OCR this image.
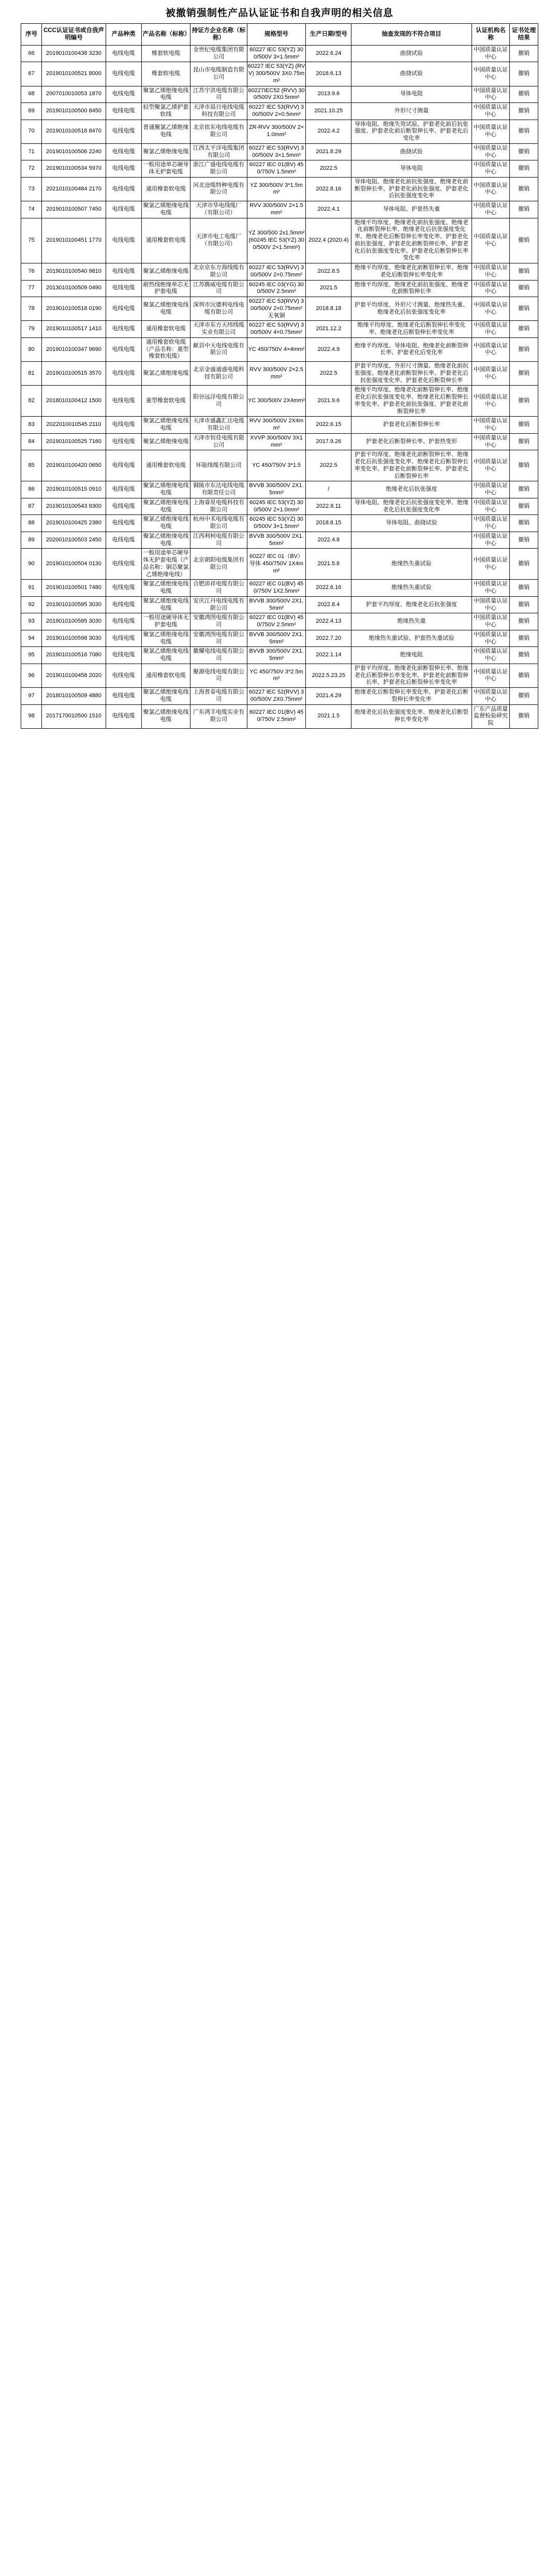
被撤销强制性产品认证证书和自我声明的相关信息
序号	CCC认证证书或自我声明编号	产品种类	产品名称（标称）	持证方企业名称（标称）	规格型号	生产日期/型号	抽查发现的不符合项目	认证机构名称	证书处理结果
66	2019010100438 3230	电线电缆	橡套软电缆	金世纪电缆集团有限公司	60227 IEC 53(YZ) 300/500V 3×1.5mm²	2022.6.24	曲挠试验	中国质量认证中心	撤销
67	2019010100521 8000	电线电缆	橡套软电缆	昆山市电缆制造有限公司	60227 IEC 53(YZ) (RVV) 300/500V 3X0.75mm²	2018.6.13	曲挠试验	中国质量认证中心	撤销
68	2007010010053 1870	电线电缆	聚氯乙烯绝缘电线电缆	江苏宇洪电缆有限公司	60227IEC52 (RVV) 300/500V 2X0.5mm²	2013.9.6	导体电阻	中国质量认证中心	撤销
69	2019010100500 8450	电线电缆	轻型聚氯乙烯护套软线	天津市晨日电线电缆科技有限公司	60227 IEC 53(RVV) 300/500V 2×0.5mm²	2021.10.25	外形尺寸测量	中国质量认证中心	撤销
70	2019010100518 8470	电线电缆	普通聚氯乙烯绝缘电线	北京依东电线电缆有限公司	ZR-RVV 300/500V 2×1.0mm²	2022.4.2	导体电阻、绝缘失效试验、护套老化前后抗张强度、护套老化前后断裂伸长率、护套老化后变化率	中国质量认证中心	撤销
71	2019010100506 2240	电线电缆	聚氯乙烯绝缘电缆	江西太平洋电缆集团有限公司	60227 IEC 53(RVV) 300/500V 3×1.5mm²	2021.8.29	曲挠试验	中国质量认证中心	撤销
72	2019010100534 5970	电线电缆	一般用途单芯硬导体无护套电缆	浙江广盛电线电缆有限公司	60227 IEC 01(BV) 450/750V 1.5mm²	2022.5	导体电阻	中国质量认证中心	撤销
73	2021010100484 2170	电线电缆	通用橡套软电缆	河北沧缆特种电缆有限公司	YZ 300/500V 3*1.5mm²	2022.8.16	导体电阻、绝缘老化前抗张强度、绝缘老化前断裂伸长率、护套老化前抗张强度、护套老化后抗张强度变化率	中国质量认证中心	撤销
74	2019010100507 7450	电线电缆	聚氯乙烯绝缘电线电缆	天津市华电线缆厂（有限公司）	RVV 300/500V 2×1.5mm²	2022.4.1	导体电阻、护套热失重	中国质量认证中心	撤销
75	2019010100451 1770	电线电缆	通用橡套软电缆	天津市电工电缆厂（有限公司）	YZ 300/500 2x1.5mm² (60245 IEC 53(YZ) 300/500V 2×1.5mm²)	2022.4 (2020.4)	绝缘平均厚度、绝缘老化前抗张强度、绝缘老化前断裂伸长率、绝缘老化后抗张强度变化率、绝缘老化后断裂伸长率变化率、护套老化前抗张强度、护套老化前断裂伸长率、护套老化后抗张强度变化率、护套老化后断裂伸长率变化率	中国质量认证中心	撤销
76	2019010100540 9810	电线电缆	聚氯乙烯绝缘电缆	北京京东方海线缆有限公司	60227 IEC 53(RVV) 300/500V 2×0.75mm²	2022.8.5	绝缘平均厚度、绝缘老化前断裂伸长率、绝缘老化后断裂伸长率变化率	中国质量认证中心	撤销
77	2013010100509 0490	电线电缆	耐热线绝缘单芯无护套电缆	江苏腾威电缆有限公司	60245 IEC 03(YG) 300/500V 2.5mm²	2021.5	绝缘平均厚度、绝缘老化前抗张强度、绝缘老化前断裂伸长率	中国质量认证中心	撤销
78	2019010100518 0190	电线电缆	聚氯乙烯绝缘电线电缆	深圳市沅德利电线电缆有限公司	60227 IEC 53(RVV) 300/500V 2×0.75mm² 无氧铜	2018.8.18	护套平均厚度、外形尺寸测量、绝缘热失重、绝缘老化后抗张强度变化率	中国质量认证中心	撤销
79	2019010100517 1410	电线电缆	通用橡套软电缆	天津市东方天纬线缆实业有限公司	60227 IEC 53(RVV) 300/500V 4×0.75mm²	2021.12.2	绝缘平均厚度、绝缘老化后断裂伸长率变化率、绝缘老化后断裂伸长率变化率	中国质量认证中心	撤销
80	2019010100347 9690	电线电缆	通用橡套软电缆（产品名称：重型橡套软电缆）	献县中天电线电缆有限公司	YC 450/750V 4×4mm²	2022.4.9	绝缘平均厚度、导体电阻、绝缘老化前断裂伸长率、护套老化后变化率	中国质量认证中心	撤销
81	2019010100515 3570	电线电缆	聚氯乙烯绝缘电缆	北京金盛通盛电缆科技有限公司	RVV 300/500V 2×2.5mm²	2022.5	护套平均厚度、外形尺寸测量、绝缘老化前抗张强度、绝缘老化前断裂伸长率、护套老化后抗张强度变化率、护套老化后断裂伸长率	中国质量认证中心	撤销
82	2018010100412 1500	电线电缆	重型橡套软电缆	阳谷远洋电缆有限公司	YC 300/500V 2X4mm²	2021.9.6	绝缘平均厚度、绝缘老化前断裂伸长率、绝缘老化后抗张强度变化率、绝缘老化后断裂伸长率变化率、护套老化前抗张强度、护套老化前断裂伸长率	中国质量认证中心	撤销
83	2022010010545 2110	电线电缆	聚氯乙烯绝缘电线电缆	天津市盛鑫汇达电缆有限公司	RVV 300/500V 2X4mm²	2022.6.15	护套老化后断裂伸长率	中国质量认证中心	撤销
84	2019010100525 7160	电线电缆	聚氯乙烯绝缘电缆	天津市恒佳电缆有限公司	XVVP 300/500V 3X1mm²	2017.9.26	护套老化后断裂伸长率、护套热变形	中国质量认证中心	撤销
85	2019010100420 0650	电线电缆	通用橡套软电缆	环能线缆有限公司	YC 450/750V 3*1.5	2022.5	护套平均厚度、绝缘老化前断裂伸长率、绝缘老化后抗张强度变化率、绝缘老化后断裂伸长率变化率、护套老化前断裂伸长率、护套老化后断裂伸长率	中国质量认证中心	撤销
86	2019010100515 0910	电线电缆	聚氯乙烯绝缘电线电缆	铜陵市东达电线电缆有限责任公司	BVVB 300/500V 2X1.5mm²	/	绝缘老化后抗张强度	中国质量认证中心	撤销
87	2019010100543 9300	电线电缆	聚氯乙烯绝缘电线电缆	上海睿星电缆科技有限公司	60245 IEC 53(YZ) 300/500V 2×1.0mm²	2022.8.11	导体电阻、绝缘老化后抗张强度变化率、绝缘老化后抗张强度变化率	中国质量认证中心	撤销
88	2019010100425 2380	电线电缆	聚氯乙烯绝缘电线电缆	杭州中禾电线电缆有限公司	60245 IEC 53(YZ) 300/500V 3×1.5mm²	2018.8.15	导体电阻、曲挠试验	中国质量认证中心	撤销
89	2020010100503 2450	电线电缆	聚氯乙烯绝缘电线电缆	江西利柯电缆有限公司	BVVB 300/500V 2X1.5mm²	2022.4.8		中国质量认证中心	撤销
90	2019010100504 0130	电线电缆	一般用途单芯硬导体无护套电缆（产品名称：铜芯聚氯乙烯绝缘电线）	北京朝阳电缆集团有限公司	60227 IEC 01（BV）导体 450/750V 1X4mm²	2021.5.6	绝缘热失重试验	中国质量认证中心	撤销
91	2019010100501 7480	电线电缆	聚氯乙烯绝缘电线电缆	合肥沛祥电缆有限公司	60227 IEC 01(BV) 450/750V 1X2.5mm²	2022.6.16	绝缘热失重试验	中国质量认证中心	撤销
92	2019010100595 3030	电线电缆	聚氯乙烯绝缘电线电缆	安庆江丹电线电缆有限公司	BVVB 300/500V 2X1.5mm²	2022.8.4	护套平均厚度、绝缘老化后抗张强度	中国质量认证中心	撤销
93	2019010100595 3030	电线电缆	一般用途硬导体无护套电缆	安徽鸿图电缆有限公司	60227 IEC 01(BV) 450/750V 2.5mm²	2022.4.13	绝缘热失重	中国质量认证中心	撤销
94	2019010100598 3030	电线电缆	聚氯乙烯绝缘电线电缆	安徽鸿图电缆有限公司	BVVB 300/500V 2X1.5mm²	2022.7.20	绝缘热失重试验、护套热失重试验	中国质量认证中心	撤销
95	2019010100516 7080	电线电缆	聚氯乙烯绝缘电线电缆	徽耀电线电缆有限公司	BVVB 300/500V 2X1.5mm²	2022.1.14	绝缘电阻	中国质量认证中心	撤销
96	2019010100458 2020	电线电缆	通用橡套软电缆	聚源电线电缆有限公司	YC 450/750V 3*2.5mm²	2022.5.23.25	护套平均厚度、绝缘老化前断裂伸长率、绝缘老化后断裂伸长率变化率、护套老化前断裂伸长率、护套老化后断裂伸长率变化率	中国质量认证中心	撤销
97	2018010100509 4880	电线电缆	聚氯乙烯绝缘电线电缆	上海普泰电缆有限公司	60227 IEC 52(RVV) 300/500V 2X0.75mm²	2021.4.29	绝缘老化后断裂伸长率变化率、护套老化后断裂伸长率变化率	中国质量认证中心	撤销
98	2017170010500 1510	电线电缆	聚氯乙烯绝缘电线电缆	广东鸿丰电缆实业有限公司	60227 IEC 01(BV) 450/750V 2.5mm²	2021.1.5	绝缘老化后抗张强度变化率、绝缘老化后断裂伸长率变化率	广东产品质量监督检验研究院	撤销
